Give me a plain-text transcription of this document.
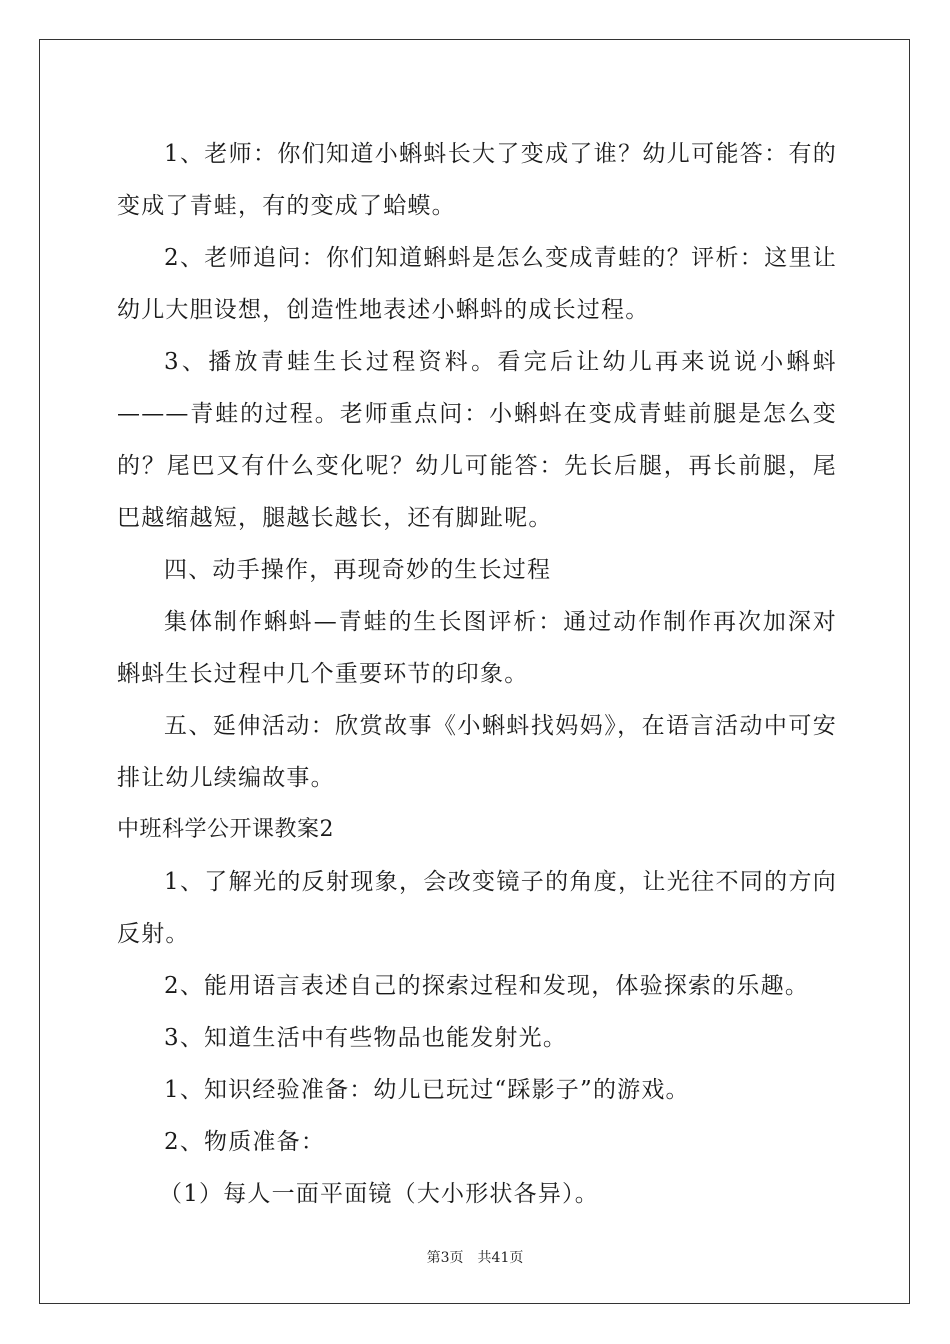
1、老师：你们知道小蝌蚪长大了变成了谁？幼儿可能答：有的变成了青蛙，有的变成了蛤蟆。

2、老师追问：你们知道蝌蚪是怎么变成青蛙的？评析：这里让幼儿大胆设想，创造性地表述小蝌蚪的成长过程。

3、播放青蛙生长过程资料。看完后让幼儿再来说说小蝌蚪———青蛙的过程。老师重点问：小蝌蚪在变成青蛙前腿是怎么变的？尾巴又有什么变化呢？幼儿可能答：先长后腿，再长前腿，尾巴越缩越短，腿越长越长，还有脚趾呢。

四、动手操作，再现奇妙的生长过程

集体制作蝌蚪—青蛙的生长图评析：通过动作制作再次加深对蝌蚪生长过程中几个重要环节的印象。

五、延伸活动：欣赏故事《小蝌蚪找妈妈》，在语言活动中可安排让幼儿续编故事。

中班科学公开课教案2

1、了解光的反射现象，会改变镜子的角度，让光往不同的方向反射。

2、能用语言表述自己的探索过程和发现，体验探索的乐趣。

3、知道生活中有些物品也能发射光。

1、知识经验准备：幼儿已玩过“踩影子”的游戏。

2、物质准备：

（1）每人一面平面镜（大小形状各异）。

第3页 共41页
